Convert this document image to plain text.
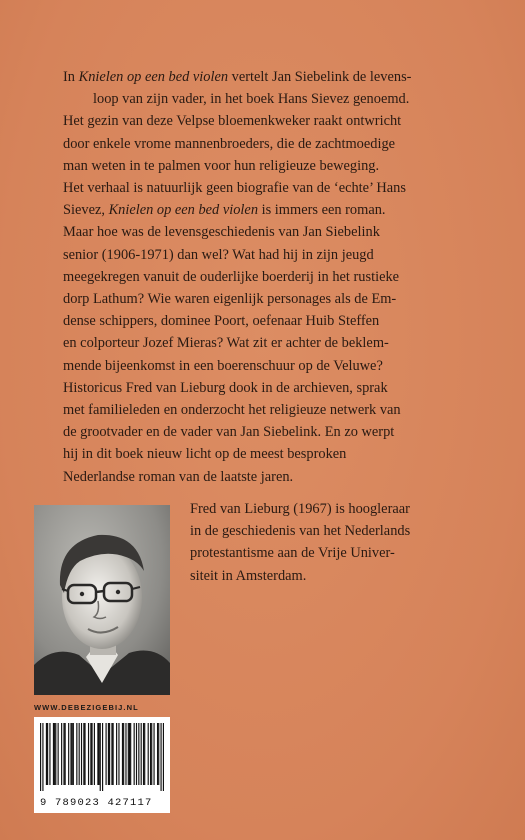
In Knielen op een bed violen vertelt Jan Siebelink de levens-
loop van zijn vader, in het boek Hans Sievez genoemd.
Het gezin van deze Velpse bloemenkweker raakt ontwricht
door enkele vrome mannenbroeders, die de zachtmoedige
man weten in te palmen voor hun religieuze beweging.
Het verhaal is natuurlijk geen biografie van de ‘echte’ Hans
Sievez, Knielen op een bed violen is immers een roman.
Maar hoe was de levensgeschiedenis van Jan Siebelink
senior (1906-1971) dan wel? Wat had hij in zijn jeugd
meegekregen vanuit de ouderlijke boerderij in het rustieke
dorp Lathum? Wie waren eigenlijk personages als de Em-
dense schippers, dominee Poort, oefenaar Huib Steffen
en colporteur Jozef Mieras? Wat zit er achter de beklem-
mende bijeenkomst in een boerenschuur op de Veluwe?
Historicus Fred van Lieburg dook in de archieven, sprak
met familieleden en onderzocht het religieuze netwerk van
de grootvader en de vader van Jan Siebelink. En zo werpt
hij in dit boek nieuw licht op de meest besproken
Nederlandse roman van de laatste jaren.
Fred van Lieburg (1967) is hoogleraar
in de geschiedenis van het Nederlands
protestantisme aan de Vrije Univer-
siteit in Amsterdam.
WWW.DEBEZIGEBIJ.NL
9 789023 427117
